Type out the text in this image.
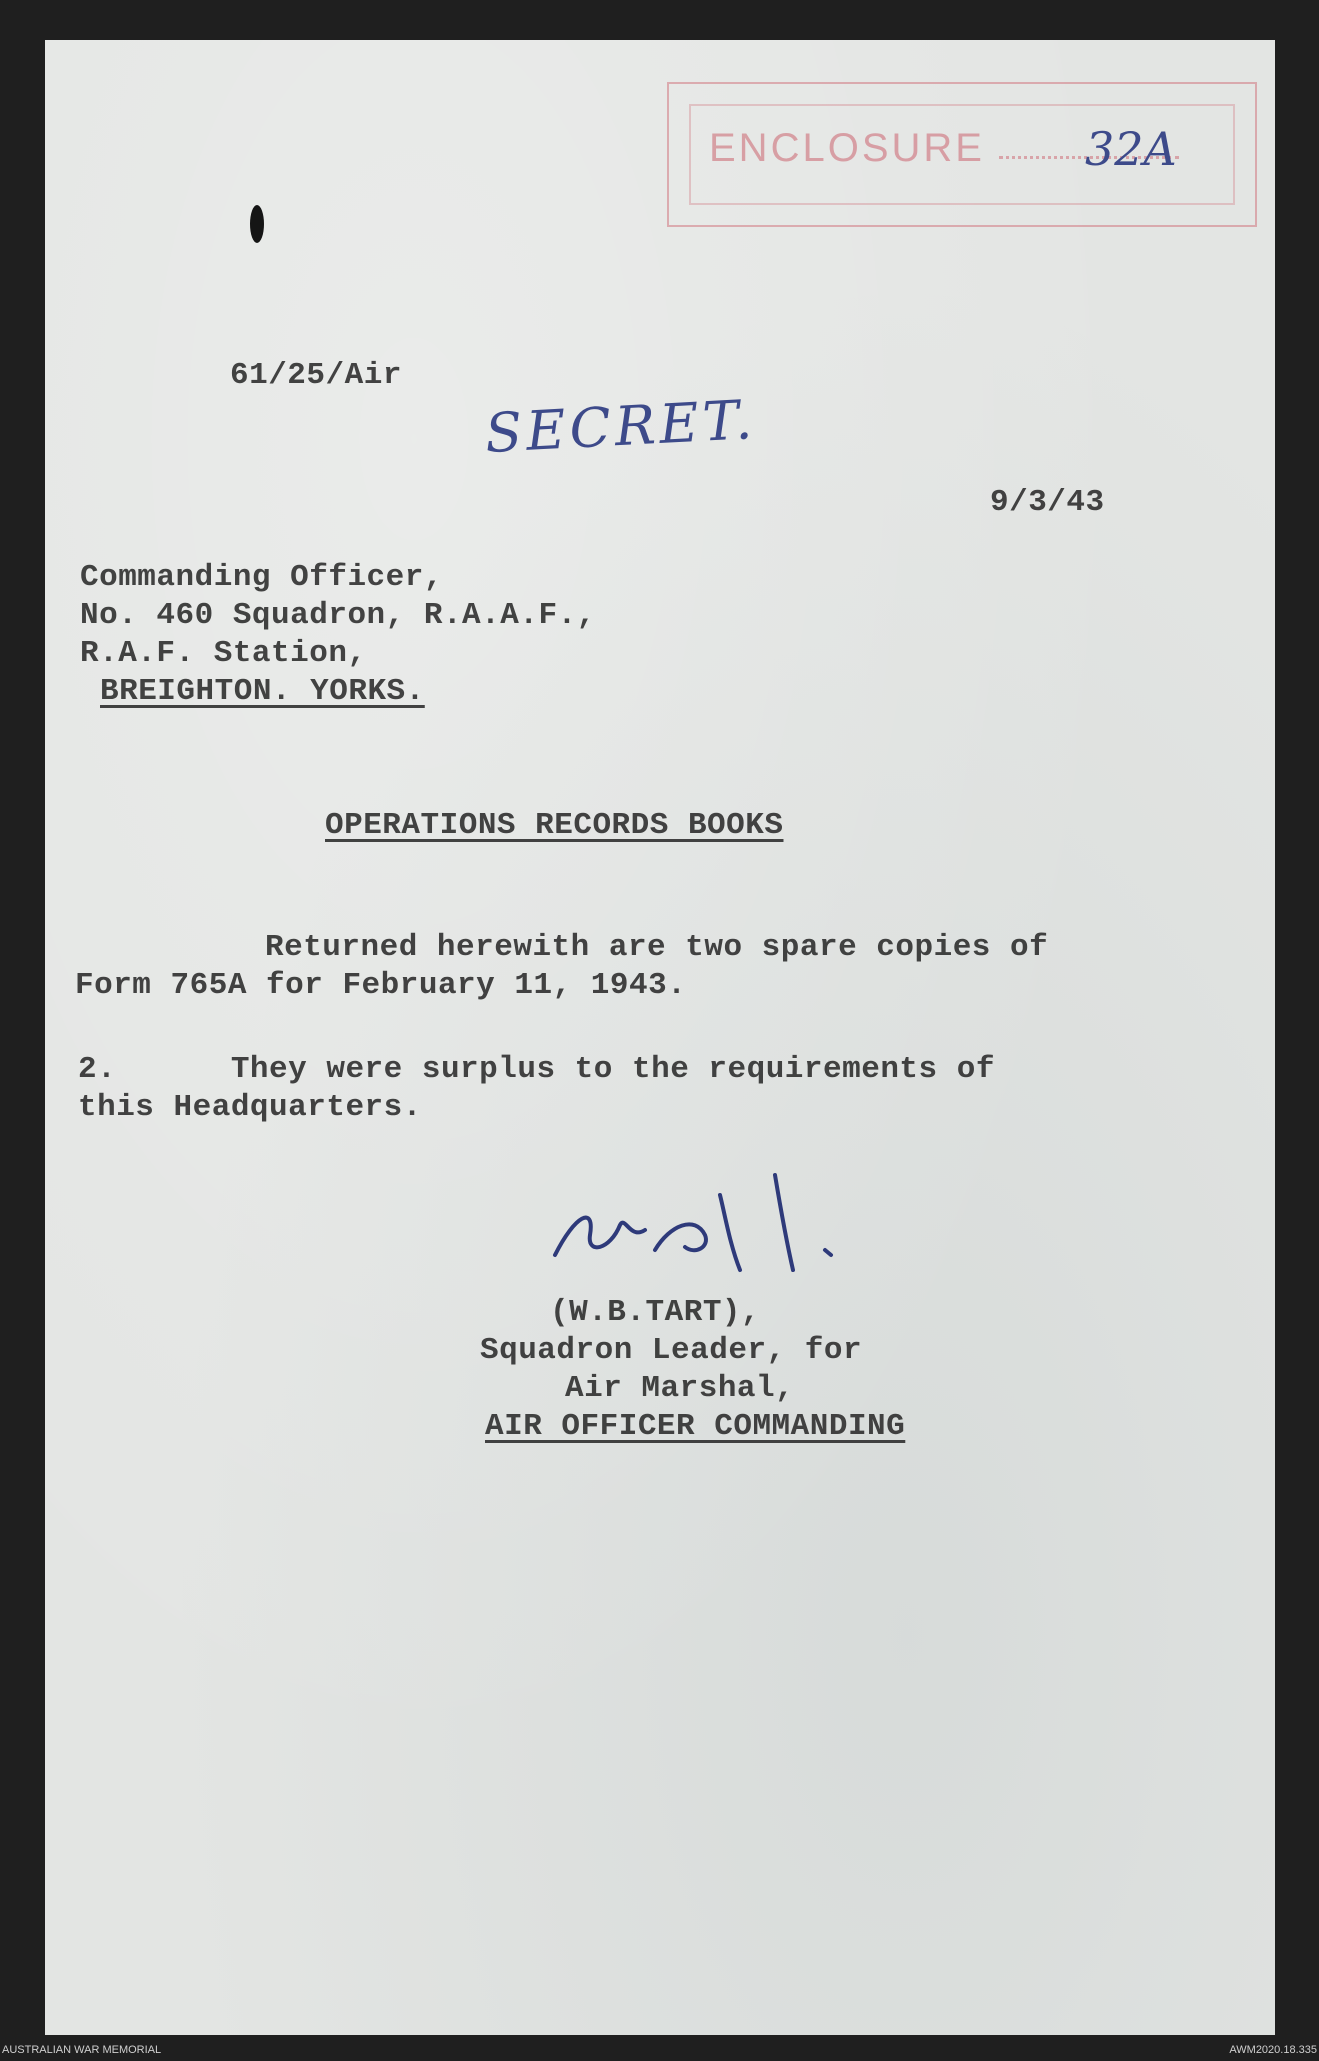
ENCLOSURE 32A
61/25/Air
SECRET.
9/3/43
Commanding Officer,
No. 460 Squadron, R.A.A.F.,
R.A.F. Station,
BREIGHTON. YORKS.
OPERATIONS RECORDS BOOKS
Returned herewith are two spare copies of
Form 765A for February 11, 1943.
2.      They were surplus to the requirements of
this Headquarters.
(W.B.TART),
Squadron Leader, for
Air Marshal,
AIR OFFICER COMMANDING
AUSTRALIAN WAR MEMORIAL	AWM2020.18.335
